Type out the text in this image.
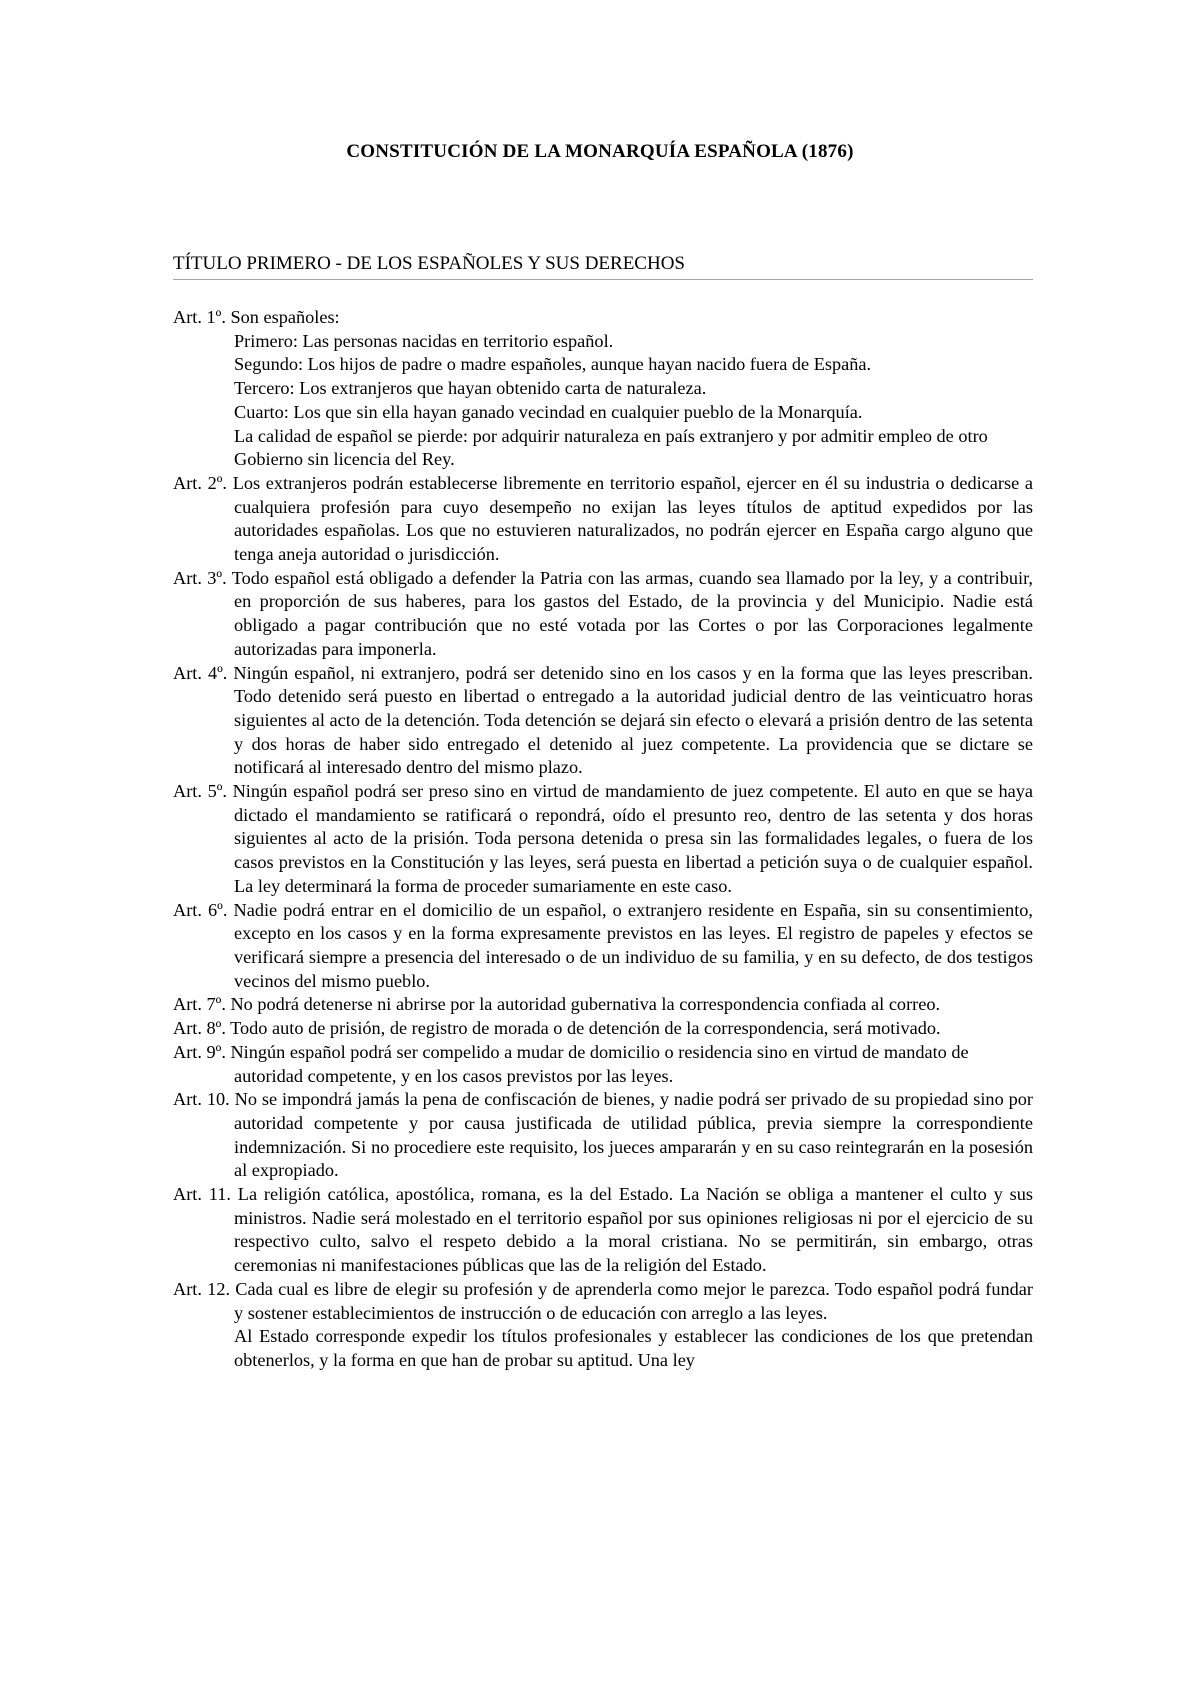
CONSTITUCIÓN DE LA MONARQUÍA ESPAÑOLA (1876)
TÍTULO PRIMERO - DE LOS ESPAÑOLES Y SUS DERECHOS

Art. 1º. Son españoles:

Primero: Las personas nacidas en territorio español.

Segundo: Los hijos de padre o madre españoles, aunque hayan nacido fuera de España.

Tercero: Los extranjeros que hayan obtenido carta de naturaleza.

Cuarto: Los que sin ella hayan ganado vecindad en cualquier pueblo de la Monarquía.

La calidad de español se pierde: por adquirir naturaleza en país extranjero y por admitir empleo de otro Gobierno sin licencia del Rey.

Art. 2º. Los extranjeros podrán establecerse libremente en territorio español, ejercer en él su industria o dedicarse a cualquiera profesión para cuyo desempeño no exijan las leyes títulos de aptitud expedidos por las autoridades españolas. Los que no estuvieren naturalizados, no podrán ejercer en España cargo alguno que tenga aneja autoridad o jurisdicción.

Art. 3º. Todo español está obligado a defender la Patria con las armas, cuando sea llamado por la ley, y a contribuir, en proporción de sus haberes, para los gastos del Estado, de la provincia y del Municipio. Nadie está obligado a pagar contribución que no esté votada por las Cortes o por las Corporaciones legalmente autorizadas para imponerla.

Art. 4º. Ningún español, ni extranjero, podrá ser detenido sino en los casos y en la forma que las leyes prescriban. Todo detenido será puesto en libertad o entregado a la autoridad judicial dentro de las veinticuatro horas siguientes al acto de la detención. Toda detención se dejará sin efecto o elevará a prisión dentro de las setenta y dos horas de haber sido entregado el detenido al juez competente. La providencia que se dictare se notificará al interesado dentro del mismo plazo.

Art. 5º. Ningún español podrá ser preso sino en virtud de mandamiento de juez competente. El auto en que se haya dictado el mandamiento se ratificará o repondrá, oído el presunto reo, dentro de las setenta y dos horas siguientes al acto de la prisión. Toda persona detenida o presa sin las formalidades legales, o fuera de los casos previstos en la Constitución y las leyes, será puesta en libertad a petición suya o de cualquier español. La ley determinará la forma de proceder sumariamente en este caso.

Art. 6º. Nadie podrá entrar en el domicilio de un español, o extranjero residente en España, sin su consentimiento, excepto en los casos y en la forma expresamente previstos en las leyes. El registro de papeles y efectos se verificará siempre a presencia del interesado o de un individuo de su familia, y en su defecto, de dos testigos vecinos del mismo pueblo.

Art. 7º. No podrá detenerse ni abrirse por la autoridad gubernativa la correspondencia confiada al correo.

Art. 8º. Todo auto de prisión, de registro de morada o de detención de la correspondencia, será motivado.

Art. 9º. Ningún español podrá ser compelido a mudar de domicilio o residencia sino en virtud de mandato de autoridad competente, y en los casos previstos por las leyes.

Art. 10. No se impondrá jamás la pena de confiscación de bienes, y nadie podrá ser privado de su propiedad sino por autoridad competente y por causa justificada de utilidad pública, previa siempre la correspondiente indemnización. Si no procediere este requisito, los jueces ampararán y en su caso reintegrarán en la posesión al expropiado.

Art. 11. La religión católica, apostólica, romana, es la del Estado. La Nación se obliga a mantener el culto y sus ministros. Nadie será molestado en el territorio español por sus opiniones religiosas ni por el ejercicio de su respectivo culto, salvo el respeto debido a la moral cristiana. No se permitirán, sin embargo, otras ceremonias ni manifestaciones públicas que las de la religión del Estado.

Art. 12. Cada cual es libre de elegir su profesión y de aprenderla como mejor le parezca. Todo español podrá fundar y sostener establecimientos de instrucción o de educación con arreglo a las leyes.

Al Estado corresponde expedir los títulos profesionales y establecer las condiciones de los que pretendan obtenerlos, y la forma en que han de probar su aptitud. Una ley
